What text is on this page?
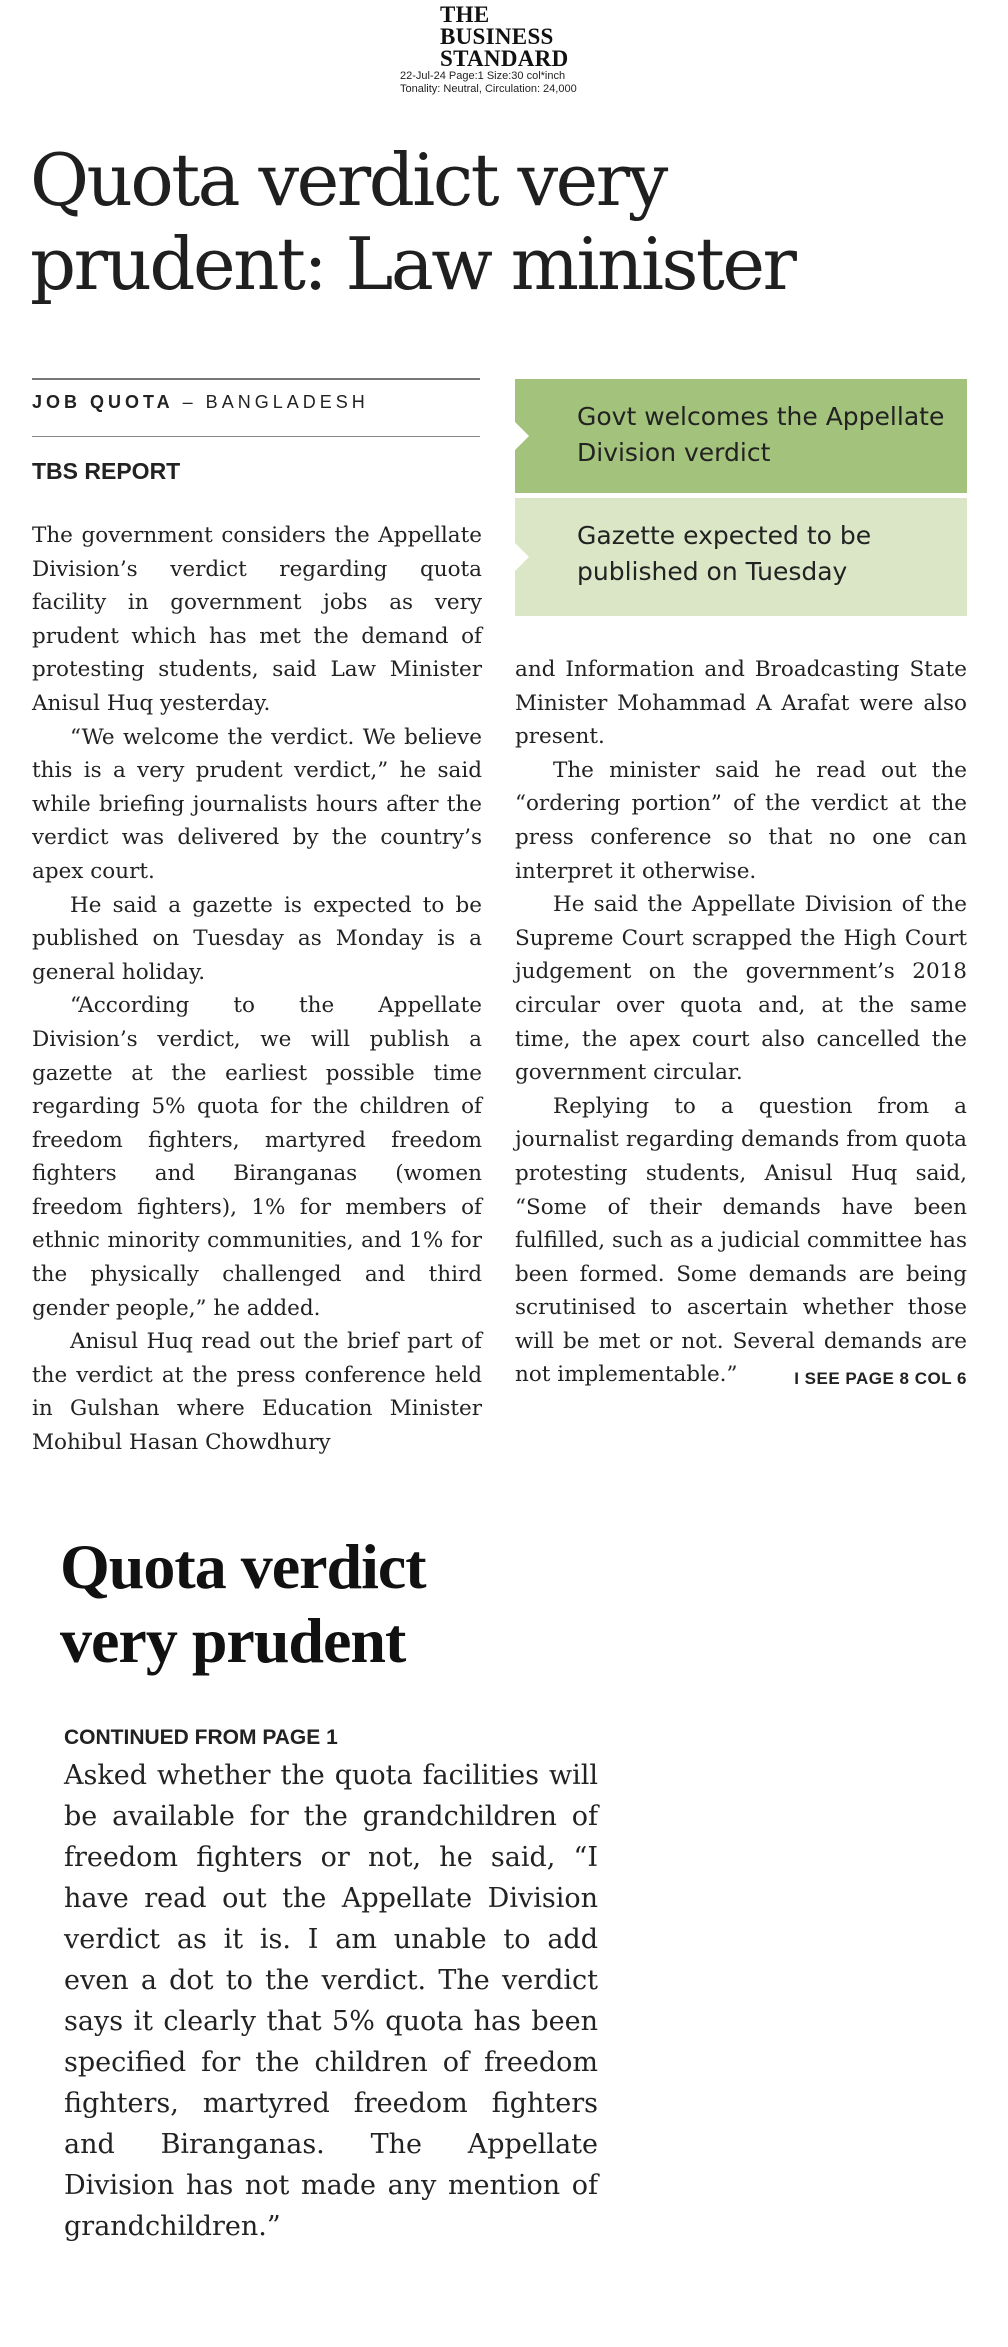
THE
BUSINESS
STANDARD
22-Jul-24 Page:1 Size:30 col*inch
Tonality: Neutral, Circulation: 24,000
Quota verdict very
prudent: Law minister
JOB QUOTA – BANGLADESH
TBS REPORT
Govt welcomes the Appellate Division verdict
Gazette expected to be published on Tuesday

The government considers the Appellate Division’s verdict regarding quota facility in government jobs as very prudent which has met the demand of protesting students, said Law Minister Anisul Huq yesterday.

“We welcome the verdict. We believe this is a very prudent verdict,” he said while briefing journalists hours after the verdict was delivered by the country’s apex court.

He said a gazette is expected to be published on Tuesday as Monday is a general holiday.

“According to the Appellate Division’s verdict, we will publish a gazette at the earliest possible time regarding 5% quota for the children of freedom fighters, martyred freedom fighters and Biranganas (women freedom fighters), 1% for members of ethnic minority communities, and 1% for the physically challenged and third gender people,” he added.

Anisul Huq read out the brief part of the verdict at the press conference held in Gulshan where Education Minister Mohibul Hasan Chowdhury

and Information and Broadcasting State Minister Mohammad A Arafat were also present.

The minister said he read out the “ordering portion” of the verdict at the press conference so that no one can interpret it otherwise.

He said the Appellate Division of the Supreme Court scrapped the High Court judgement on the government’s 2018 circular over quota and, at the same time, the apex court also cancelled the government circular.

Replying to a question from a journalist regarding demands from quota protesting students, Anisul Huq said, “Some of their demands have been fulfilled, such as a judicial committee has been formed. Some demands are being scrutinised to ascertain whether those will be met or not. Several demands are not implementable.”	I SEE PAGE 8 COL 6

Quota verdict
very prudent
CONTINUED FROM PAGE 1

Asked whether the quota facilities will be available for the grandchildren of freedom fighters or not, he said, “I have read out the Appellate Division verdict as it is. I am unable to add even a dot to the verdict. The verdict says it clearly that 5% quota has been specified for the children of freedom fighters, martyred freedom fighters and Biranganas. The Appellate Division has not made any mention of grandchildren.”
